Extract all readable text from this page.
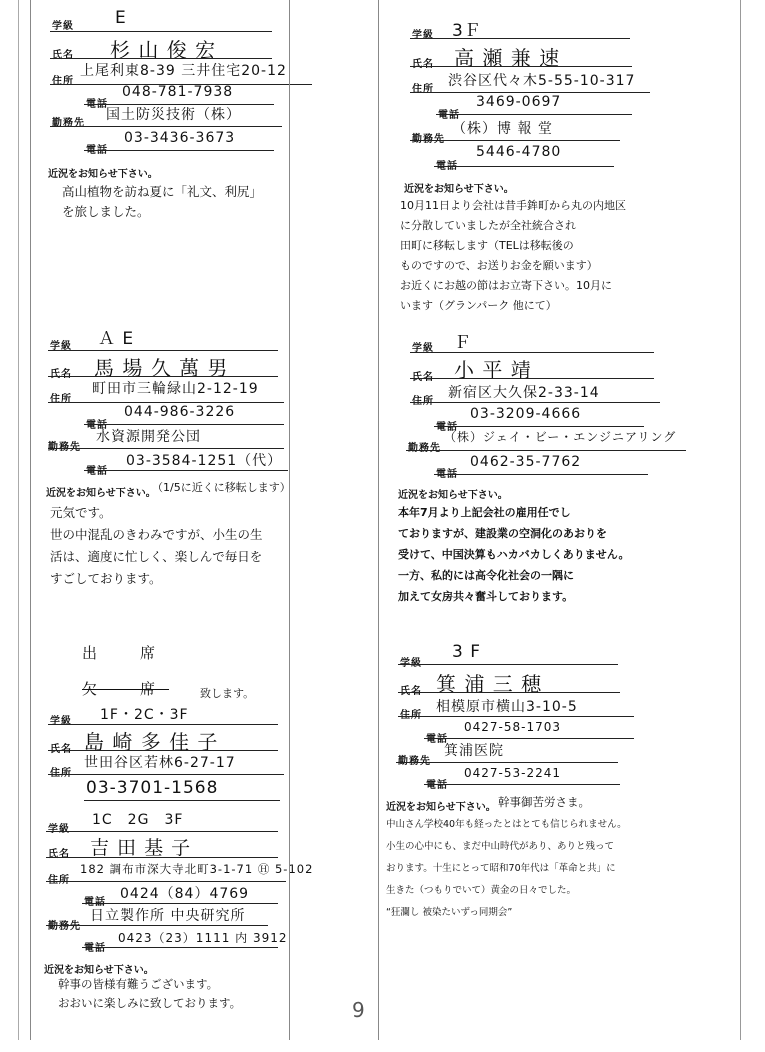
学級 E
氏名 杉 山 俊 宏
住所
上尾利東8-39 三井住宅20-12
電話
048-781-7938
勤務先
国土防災技術（株）
電話
03-3436-3673
近況をお知らせ下さい。
高山植物を訪ね夏に「礼文、利尻」
を旅しました。
学級 3Ｆ
氏名 高 瀬 兼 速
住所
渋谷区代々木5-55-10-317
電話
3469-0697
勤務先
（株）博 報 堂
電話
5446-4780
近況をお知らせ下さい。
10月11日より会社は昔手鉾町から丸の内地区
に分散していましたが全社統合され
田町に移転します（TELは移転後の
ものですので、お送りお金を願います）
お近くにお越の節はお立寄下さい。10月に
います（グランパーク 他にて）
学級 Ａ E
氏名 馬 場 久 萬 男
住所
町田市三輪緑山2-12-19
電話
044-986-3226
勤務先
水資源開発公団
電話
03-3584-1251（代）
近況をお知らせ下さい。
（1/5に近くに移転します）
元気です。
世の中混乱のきわみですが、小生の生
活は、適度に忙しく、楽しんで毎日を
すごしております。
学級 Ｆ
氏名 小 平 靖
住所
新宿区大久保2-33-14
電話
03-3209-4666
勤務先
（株）ジェイ・ビー・エンジニアリング
電話
0462-35-7762
近況をお知らせ下さい。
本年7月より上記会社の雇用任でし
ておりますが、建設業の空洞化のあおりを
受けて、中国決算もハカバカしくありません。
一方、私的には高令化社会の一隅に
加えて女房共々奮斗しております。
出　席
欠　席	致します。
学級 1F・2C・3F
氏名 島 崎 多 佳 子
住所
世田谷区若林6-27-17
03-3701-1568
学級
1C　2G　3F
氏名 吉 田 基 子
住所
182 調布市深大寺北町3-1-71 Ⓗ 5-102
電話
0424（84）4769
勤務先
日立製作所 中央研究所
電話
0423（23）1111 内 3912
近況をお知らせ下さい。
幹事の皆様有難うございます。
おおいに楽しみに致しております。
学級
3 F
氏名 箕 浦 三 穂
住所
相模原市横山3-10-5
電話
0427-58-1703
勤務先
箕浦医院
電話
0427-53-2241
近況をお知らせ下さい。 幹事御苦労さま。
中山さん学校40年も経ったとはとても信じられません。
小生の心中にも、まだ中山時代があり、ありと残って
おります。十生にとって昭和70年代は「革命と共」に
生きた（つもりでいて）黄金の日々でした。
“狂瀾し 被染たいずっ同期会”
9
